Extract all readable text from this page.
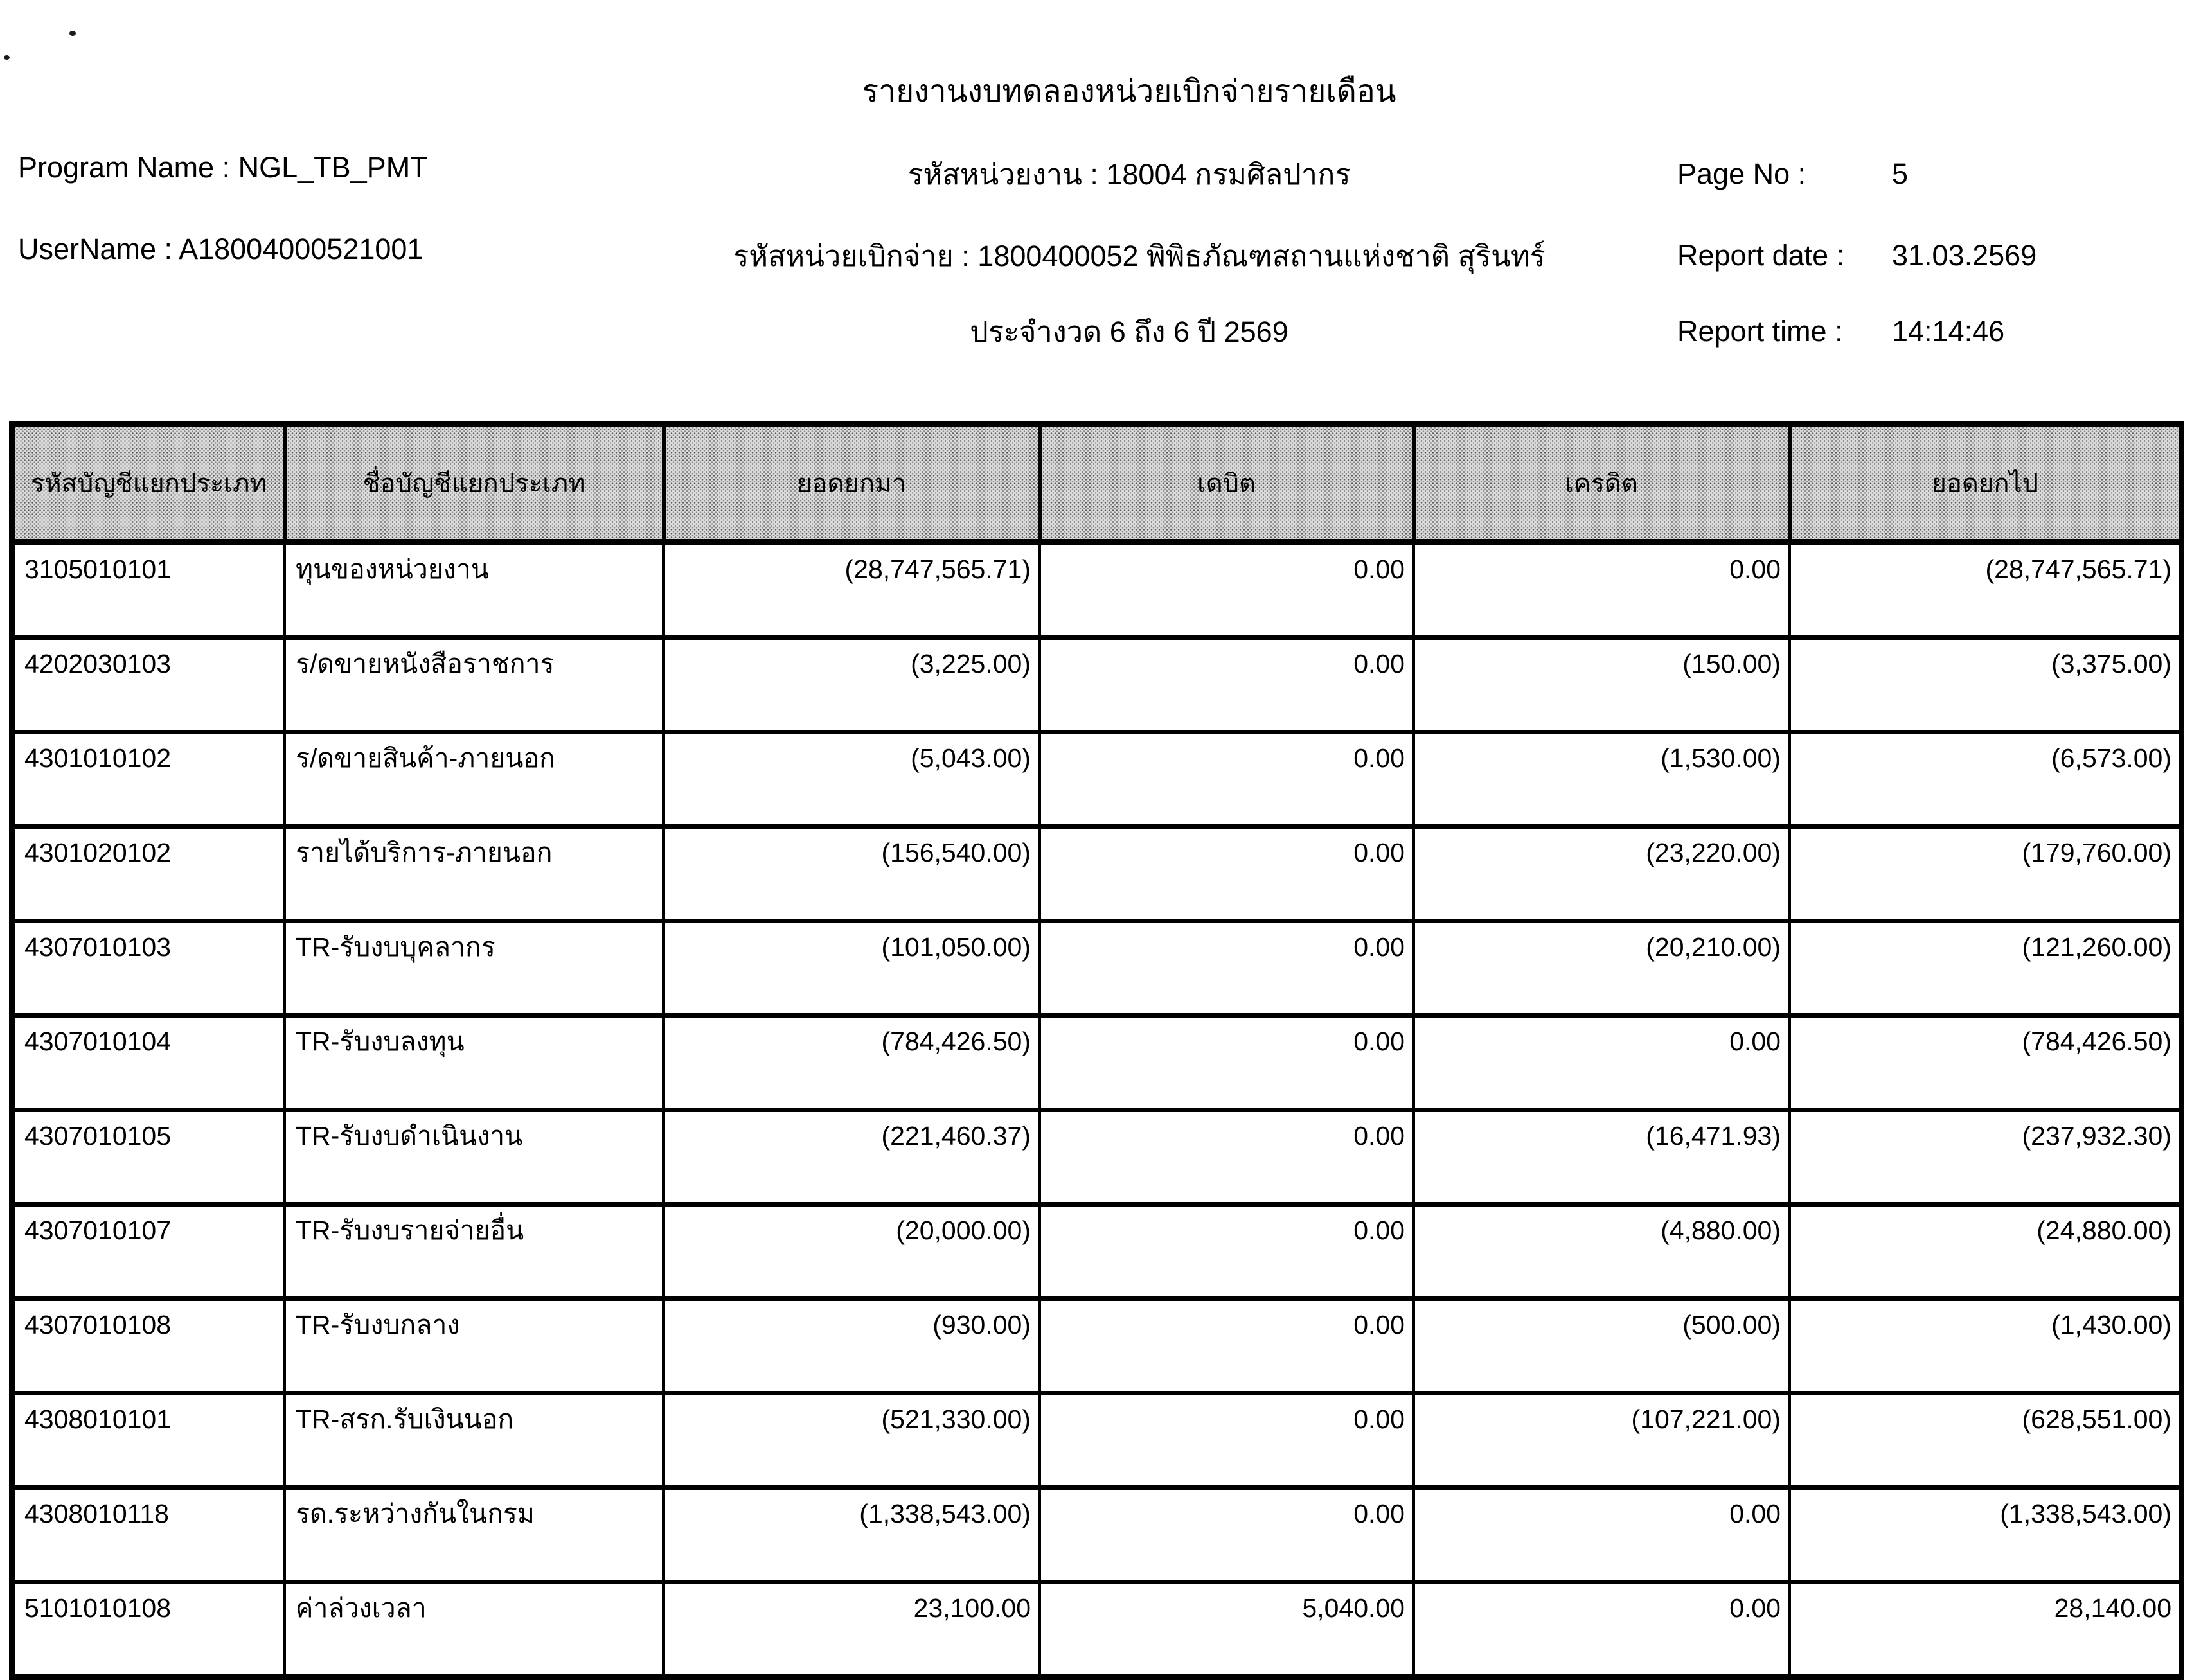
รายงานงบทดลองหน่วยเบิกจ่ายรายเดือน
Program Name : NGL_TB_PMT
UserName : A18004000521001
รหัสหน่วยงาน : 18004 กรมศิลปากร
รหัสหน่วยเบิกจ่าย : 1800400052 พิพิธภัณฑสถานแห่งชาติ สุรินทร์
ประจำงวด 6 ถึง 6 ปี 2569
Page No :	5
Report date : 31.03.2569
Report time : 14:14:46
รหัสบัญชีแยกประเภท	ชื่อบัญชีแยกประเภท	ยอดยกมา	เดบิต	เครดิต	ยอดยกไป
3105010101	ทุนของหน่วยงาน	(28,747,565.71)	0.00	0.00	(28,747,565.71)
4202030103	ร/ดขายหนังสือราชการ	(3,225.00)	0.00	(150.00)	(3,375.00)
4301010102	ร/ดขายสินค้า-ภายนอก	(5,043.00)	0.00	(1,530.00)	(6,573.00)
4301020102	รายได้บริการ-ภายนอก	(156,540.00)	0.00	(23,220.00)	(179,760.00)
4307010103	TR-รับงบบุคลากร	(101,050.00)	0.00	(20,210.00)	(121,260.00)
4307010104	TR-รับงบลงทุน	(784,426.50)	0.00	0.00	(784,426.50)
4307010105	TR-รับงบดำเนินงาน	(221,460.37)	0.00	(16,471.93)	(237,932.30)
4307010107	TR-รับงบรายจ่ายอื่น	(20,000.00)	0.00	(4,880.00)	(24,880.00)
4307010108	TR-รับงบกลาง	(930.00)	0.00	(500.00)	(1,430.00)
4308010101	TR-สรก.รับเงินนอก	(521,330.00)	0.00	(107,221.00)	(628,551.00)
4308010118	รด.ระหว่างกันในกรม	(1,338,543.00)	0.00	0.00	(1,338,543.00)
5101010108	ค่าล่วงเวลา	23,100.00	5,040.00	0.00	28,140.00
